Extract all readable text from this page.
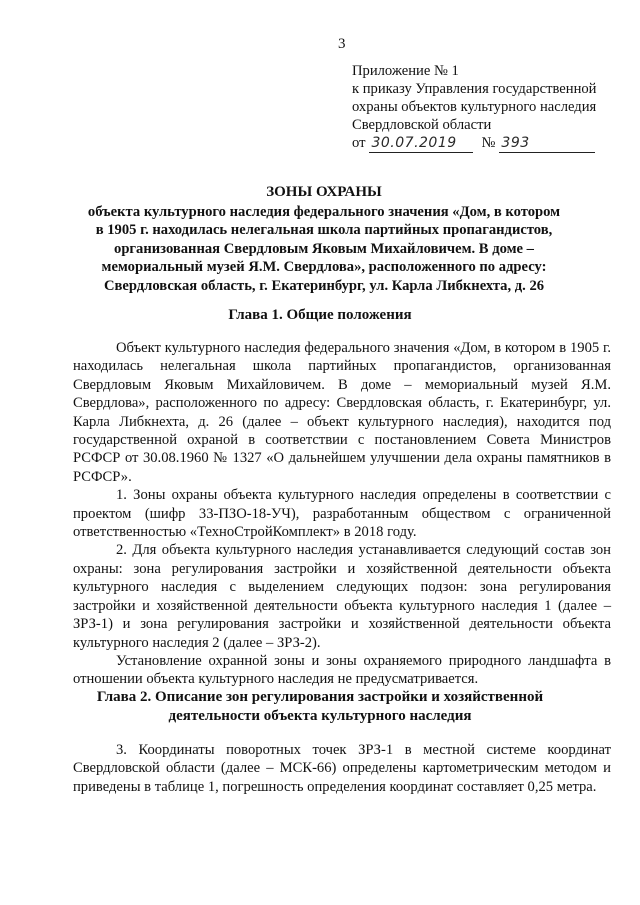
3
Приложение № 1
к приказу Управления государственной
охраны объектов культурного наследия
Свердловской области
от 30.07.2019	№ 393
ЗОНЫ ОХРАНЫ
объекта культурного наследия федерального значения «Дом, в котором
в 1905 г. находилась нелегальная школа партийных пропагандистов,
организованная Свердловым Яковым Михайловичем. В доме –
мемориальный музей Я.М. Свердлова», расположенного по адресу:
Свердловская область, г. Екатеринбург, ул. Карла Либкнехта, д. 26
Глава 1. Общие положения

Объект культурного наследия федерального значения «Дом, в котором в 1905 г. находилась нелегальная школа партийных пропагандистов, организованная Свердловым Яковым Михайловичем. В доме – мемориальный музей Я.М. Свердлова», расположенного по адресу: Свердловская область, г. Екатеринбург, ул. Карла Либкнехта, д. 26 (далее – объект культурного наследия), находится под государственной охраной в соответствии с постановлением Совета Министров РСФСР от 30.08.1960 № 1327 «О дальнейшем улучшении дела охраны памятников в РСФСР».

1. Зоны охраны объекта культурного наследия определены в соответствии с проектом (шифр 33-ПЗО-18-УЧ), разработанным обществом с ограниченной ответственностью «ТехноСтройКомплект» в 2018 году.

2. Для объекта культурного наследия устанавливается следующий состав зон охраны: зона регулирования застройки и хозяйственной деятельности объекта культурного наследия с выделением следующих подзон: зона регулирования застройки и хозяйственной деятельности объекта культурного наследия 1 (далее – ЗРЗ-1) и зона регулирования застройки и хозяйственной деятельности объекта культурного наследия 2 (далее – ЗРЗ-2).

Установление охранной зоны и зоны охраняемого природного ландшафта в отношении объекта культурного наследия не предусматривается.

Глава 2. Описание зон регулирования застройки и хозяйственной
деятельности объекта культурного наследия

3. Координаты поворотных точек ЗРЗ-1 в местной системе координат Свердловской области (далее – МСК-66) определены картометрическим методом и приведены в таблице 1, погрешность определения координат составляет 0,25 метра.
